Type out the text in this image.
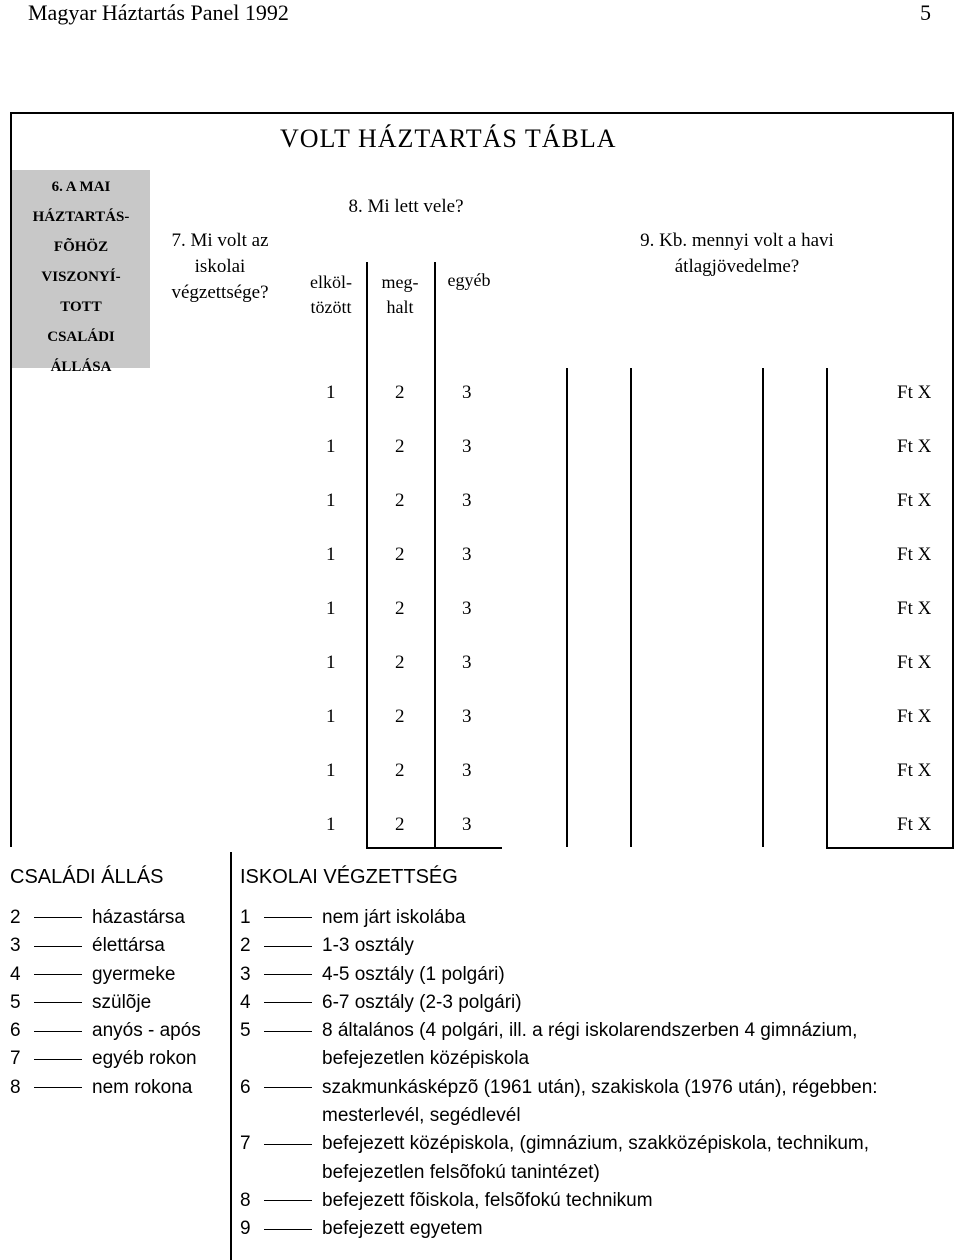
Magyar Háztartás Panel 1992	5
VOLT HÁZTARTÁS TÁBLA
6. A MAI
HÁZTARTÁS-
FÕHÖZ
VISZONYÍ-
TOTT
CSALÁDI
ÁLLÁSA
7. Mi volt az
iskolai
végzettsége?
8. Mi lett vele?
elköl-
tözött
meg-
halt
egyéb
9. Kb. mennyi volt a havi
átlagjövedelme?
1	2	3	Ft X
1	2	3	Ft X
1	2	3	Ft X
1	2	3	Ft X
1	2	3	Ft X
1	2	3	Ft X
1	2	3	Ft X
1	2	3	Ft X
1	2	3	Ft X
CSALÁDI ÁLLÁS	ISKOLAI VÉGZETTSÉG
2	házastársa
3	élettársa
4	gyermeke
5	szülõje
6	anyós - após
7	egyéb rokon
8	nem rokona
1	nem járt iskolába
2	1-3 osztály
3	4-5 osztály (1 polgári)
4	6-7 osztály (2-3 polgári)
5	8 általános (4 polgári, ill. a régi iskolarendszerben 4 gimnázium,
befejezetlen középiskola
6	szakmunkásképzõ (1961 után), szakiskola (1976 után), régebben:
mesterlevél, segédlevél
7	befejezett középiskola, (gimnázium, szakközépiskola, technikum,
befejezetlen felsõfokú tanintézet)
8	befejezett fõiskola, felsõfokú technikum
9	befejezett egyetem
